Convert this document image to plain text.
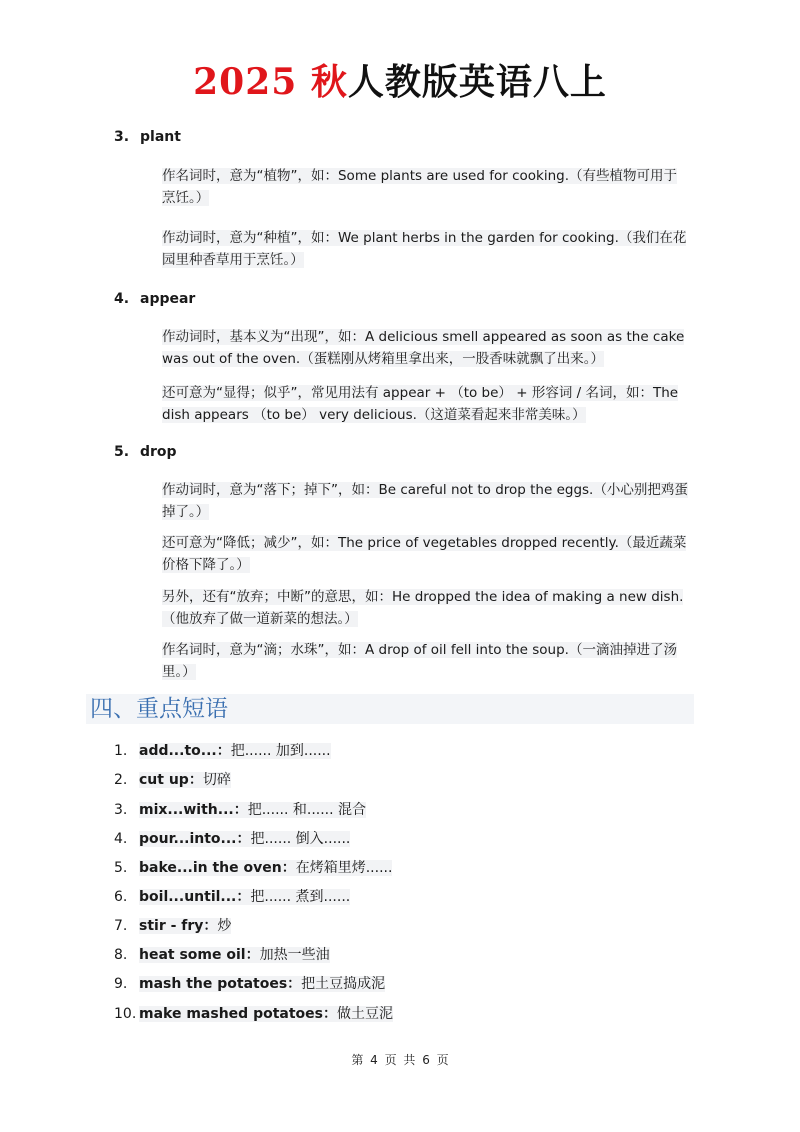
2025 秋人教版英语八上
3. plant

作名词时，意为“植物”，如：Some plants are used for cooking.（有些植物可用于烹饪。）

作动词时，意为“种植”，如：We plant herbs in the garden for cooking.（我们在花园里种香草用于烹饪。）

4. appear

作动词时，基本义为“出现”，如：A delicious smell appeared as soon as the cake was out of the oven.（蛋糕刚从烤箱里拿出来，一股香味就飘了出来。）

还可意为“显得；似乎”，常见用法有 appear + （to be） + 形容词 / 名词，如：The dish appears （to be） very delicious.（这道菜看起来非常美味。）

5. drop

作动词时，意为“落下；掉下”，如：Be careful not to drop the eggs.（小心别把鸡蛋掉了。）

还可意为“降低；减少”，如：The price of vegetables dropped recently.（最近蔬菜价格下降了。）

另外，还有“放弃；中断”的意思，如：He dropped the idea of making a new dish.（他放弃了做一道新菜的想法。）

作名词时，意为“滴；水珠”，如：A drop of oil fell into the soup.（一滴油掉进了汤里。）

四、重点短语
1. add...to...：把...... 加到......
2. cut up：切碎
3. mix...with...：把...... 和...... 混合
4. pour...into...：把...... 倒入......
5. bake...in the oven：在烤箱里烤......
6. boil...until...：把...... 煮到......
7. stir - fry：炒
8. heat some oil：加热一些油
9. mash the potatoes：把土豆捣成泥
10. make mashed potatoes：做土豆泥
第 4 页 共 6 页
